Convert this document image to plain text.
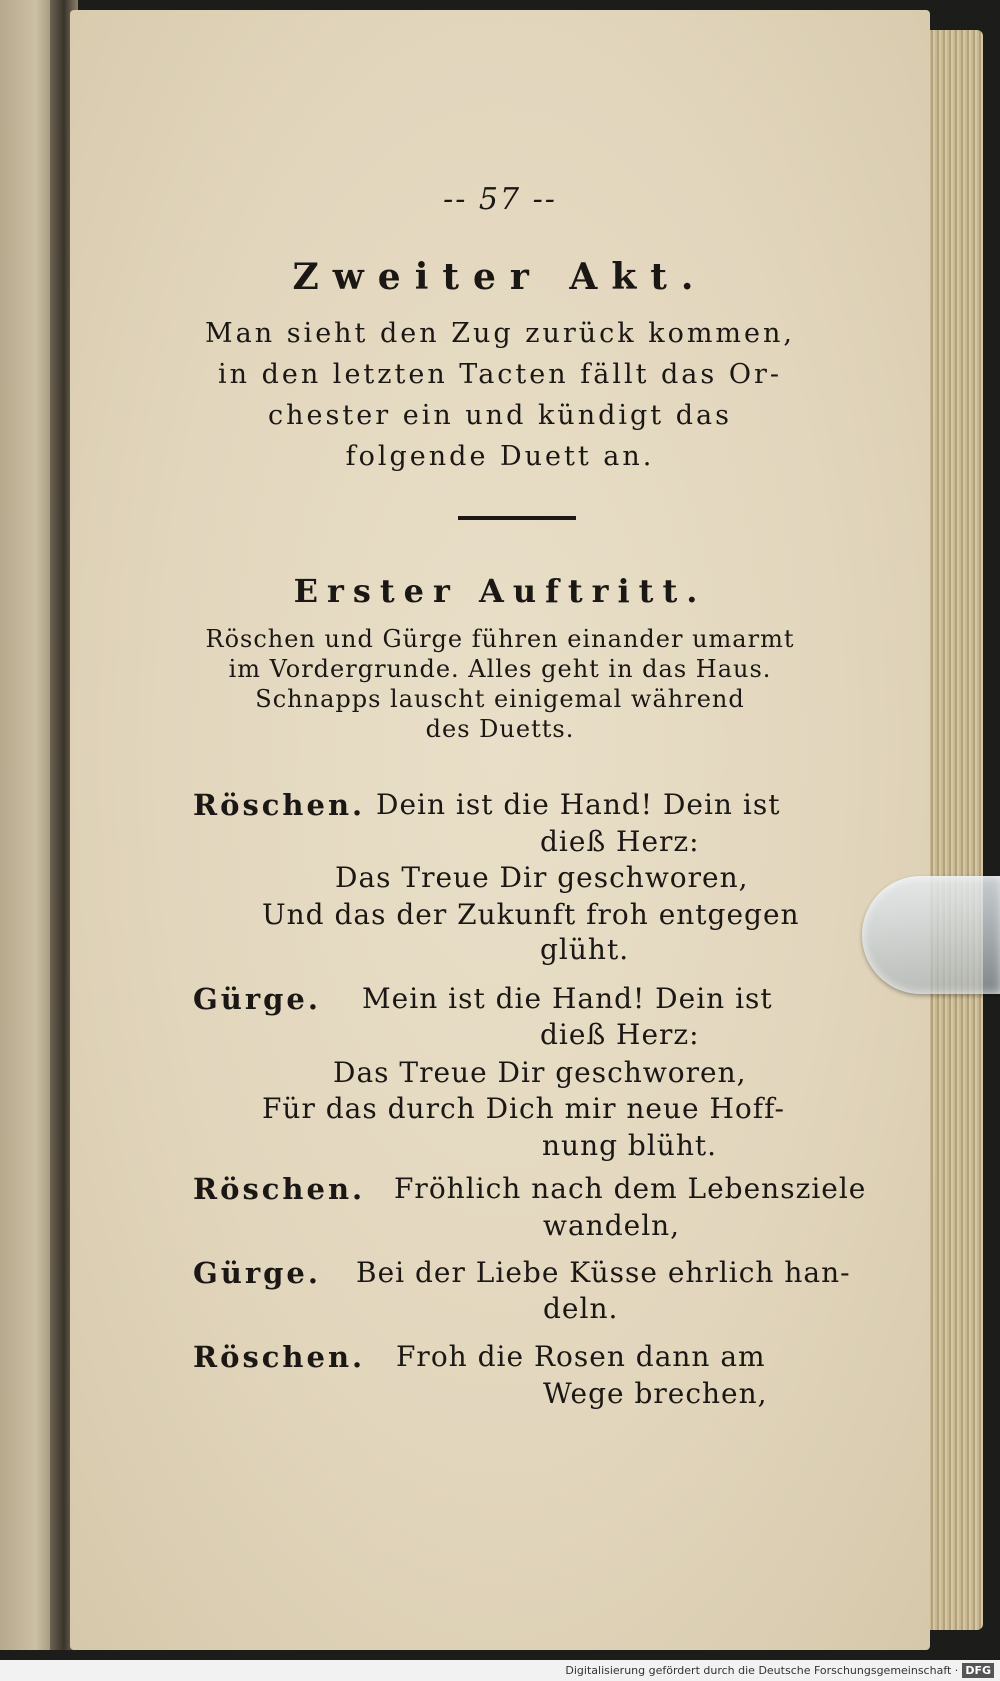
-- 57 --
Zweiter Akt.
Man sieht den Zug zurück kommen,
in den letzten Tacten fällt das Or-
chester ein und kündigt das
folgende Duett an.
Erster Auftritt.
Röschen und Gürge führen einander umarmt
im Vordergrunde. Alles geht in das Haus.
Schnapps lauscht einigemal während
des Duetts.
Röschen. Dein ist die Hand! Dein ist
dieß Herz:
Das Treue Dir geschworen,
Und das der Zukunft froh entgegen
glüht.
Gürge. Mein ist die Hand! Dein ist
dieß Herz:
Das Treue Dir geschworen,
Für das durch Dich mir neue Hoff-
nung blüht.
Röschen. Fröhlich nach dem Lebensziele
wandeln,
Gürge. Bei der Liebe Küsse ehrlich han-
deln.
Röschen. Froh die Rosen dann am
Wege brechen,
Digitalisierung gefördert durch die Deutsche Forschungsgemeinschaft · DFG
